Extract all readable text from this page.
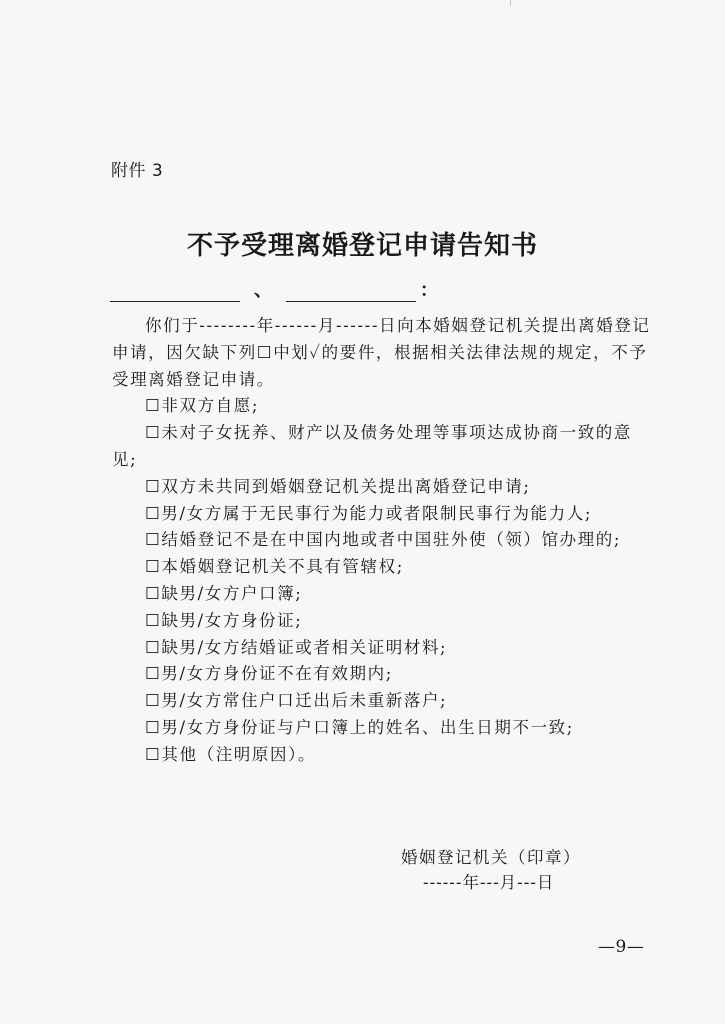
附件 3
不予受理离婚登记申请告知书
、	：

你们于--------年------月------日向本婚姻登记机关提出离婚登记申请，因欠缺下列☐中划✓的要件，根据相关法律法规的规定，不予受理离婚登记申请。

☐非双方自愿;

☐未对子女抚养、财产以及债务处理等事项达成协商一致的意见;

☐双方未共同到婚姻登记机关提出离婚登记申请;

☐男/女方属于无民事行为能力或者限制民事行为能力人;

☐结婚登记不是在中国内地或者中国驻外使（领）馆办理的;

☐本婚姻登记机关不具有管辖权;

☐缺男/女方户口簿;

☐缺男/女方身份证;

☐缺男/女方结婚证或者相关证明材料;

☐男/女方身份证不在有效期内;

☐男/女方常住户口迁出后未重新落户;

☐男/女方身份证与户口簿上的姓名、出生日期不一致;

☐其他（注明原因）。

婚姻登记机关（印章）
------年---月---日
—9—
